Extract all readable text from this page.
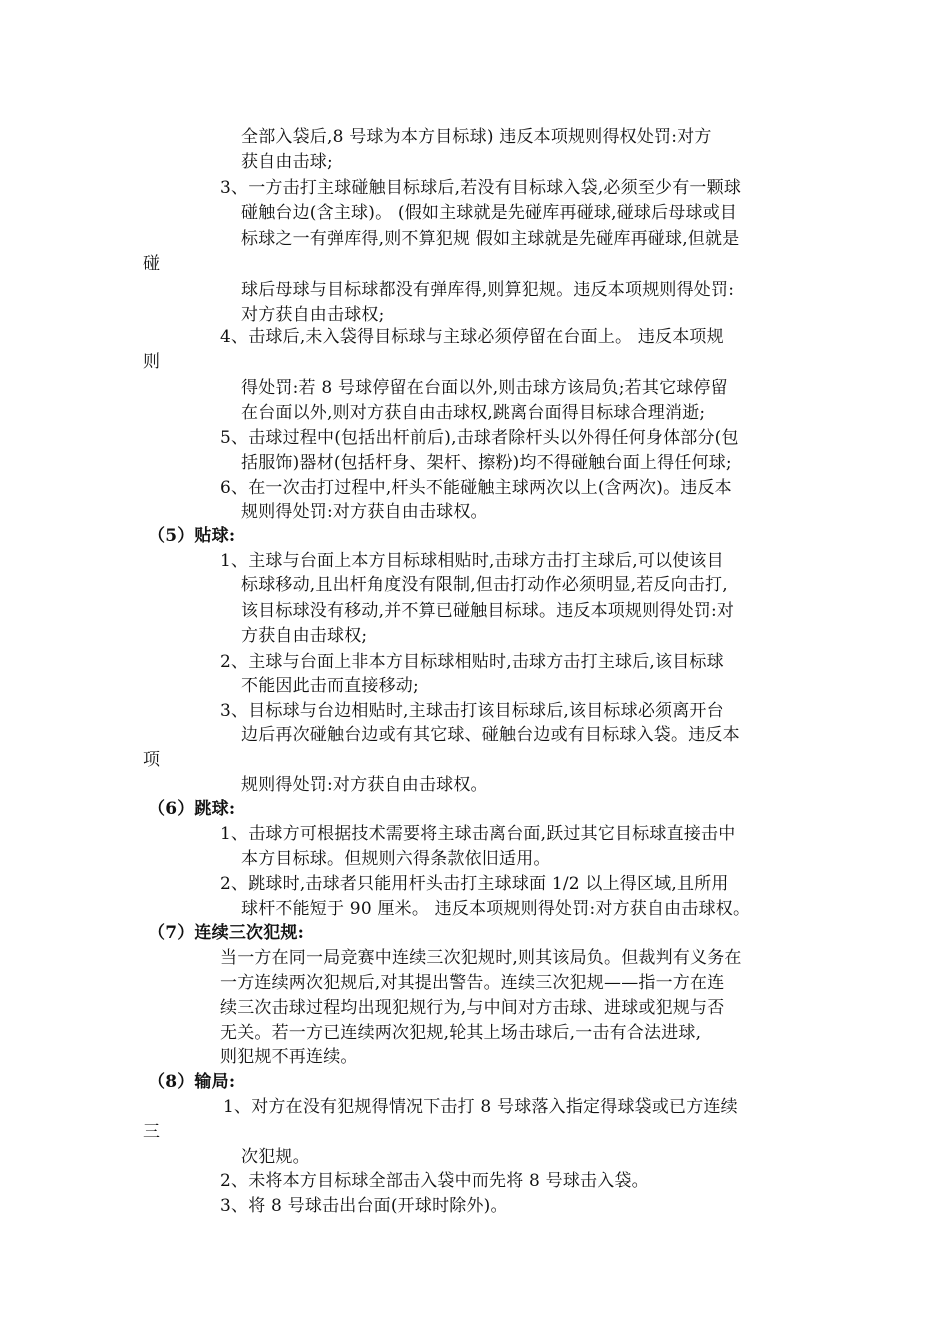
全部入袋后,8 号球为本方目标球) 违反本项规则得权处罚:对方
获自由击球;
3、一方击打主球碰触目标球后,若没有目标球入袋,必须至少有一颗球
碰触台边(含主球)。 (假如主球就是先碰库再碰球,碰球后母球或目
标球之一有弹库得,则不算犯规 假如主球就是先碰库再碰球,但就是
碰
球后母球与目标球都没有弹库得,则算犯规。违反本项规则得处罚:
对方获自由击球权;
4、击球后,未入袋得目标球与主球必须停留在台面上。 违反本项规
则
得处罚:若 8 号球停留在台面以外,则击球方该局负;若其它球停留
在台面以外,则对方获自由击球权,跳离台面得目标球合理消逝;
5、击球过程中(包括出杆前后),击球者除杆头以外得任何身体部分(包
括服饰)器材(包括杆身、架杆、擦粉)均不得碰触台面上得任何球;
6、在一次击打过程中,杆头不能碰触主球两次以上(含两次)。违反本
规则得处罚:对方获自由击球权。
（5）贴球:
1、主球与台面上本方目标球相贴时,击球方击打主球后,可以使该目
标球移动,且出杆角度没有限制,但击打动作必须明显,若反向击打,
该目标球没有移动,并不算已碰触目标球。违反本项规则得处罚:对
方获自由击球权;
2、主球与台面上非本方目标球相贴时,击球方击打主球后,该目标球
不能因此击而直接移动;
3、目标球与台边相贴时,主球击打该目标球后,该目标球必须离开台
边后再次碰触台边或有其它球、碰触台边或有目标球入袋。违反本
项
规则得处罚:对方获自由击球权。
（6）跳球:
1、击球方可根据技术需要将主球击离台面,跃过其它目标球直接击中
本方目标球。但规则六得条款依旧适用。
2、跳球时,击球者只能用杆头击打主球球面 1/2 以上得区域,且所用
球杆不能短于 90 厘米。 违反本项规则得处罚:对方获自由击球权。
（7）连续三次犯规:
当一方在同一局竞赛中连续三次犯规时,则其该局负。但裁判有义务在
一方连续两次犯规后,对其提出警告。连续三次犯规——指一方在连
续三次击球过程均出现犯规行为,与中间对方击球、进球或犯规与否
无关。若一方已连续两次犯规,轮其上场击球后,一击有合法进球,
则犯规不再连续。
（8）输局:
1、对方在没有犯规得情况下击打 8 号球落入指定得球袋或已方连续
三
次犯规。
2、未将本方目标球全部击入袋中而先将 8 号球击入袋。
3、将 8 号球击出台面(开球时除外)。
